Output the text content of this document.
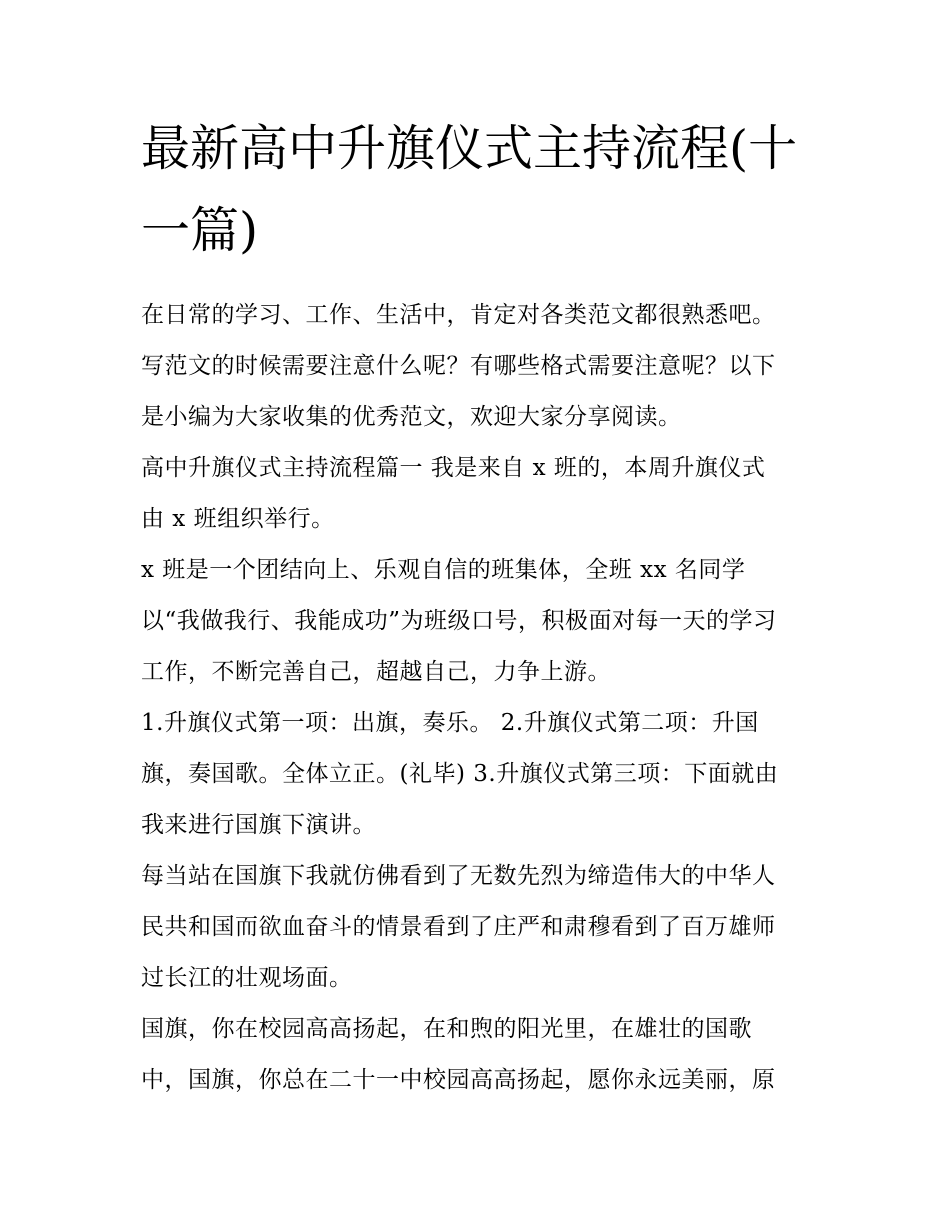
最新高中升旗仪式主持流程(十
一篇)

在日常的学习、工作、生活中，肯定对各类范文都很熟悉吧。
写范文的时候需要注意什么呢？有哪些格式需要注意呢？以下
是小编为大家收集的优秀范文，欢迎大家分享阅读。

高中升旗仪式主持流程篇一 我是来自 x 班的，本周升旗仪式
由 x 班组织举行。

x 班是一个团结向上、乐观自信的班集体，全班 xx 名同学
以“我做我行、我能成功”为班级口号，积极面对每一天的学习
工作，不断完善自己，超越自己，力争上游。

1.升旗仪式第一项：出旗，奏乐。 2.升旗仪式第二项：升国
旗，奏国歌。全体立正。(礼毕) 3.升旗仪式第三项：下面就由
我来进行国旗下演讲。

每当站在国旗下我就仿佛看到了无数先烈为缔造伟大的中华人
民共和国而欲血奋斗的情景看到了庄严和肃穆看到了百万雄师
过长江的壮观场面。

国旗，你在校园高高扬起，在和煦的阳光里，在雄壮的国歌
中，国旗，你总在二十一中校园高高扬起，愿你永远美丽，原
